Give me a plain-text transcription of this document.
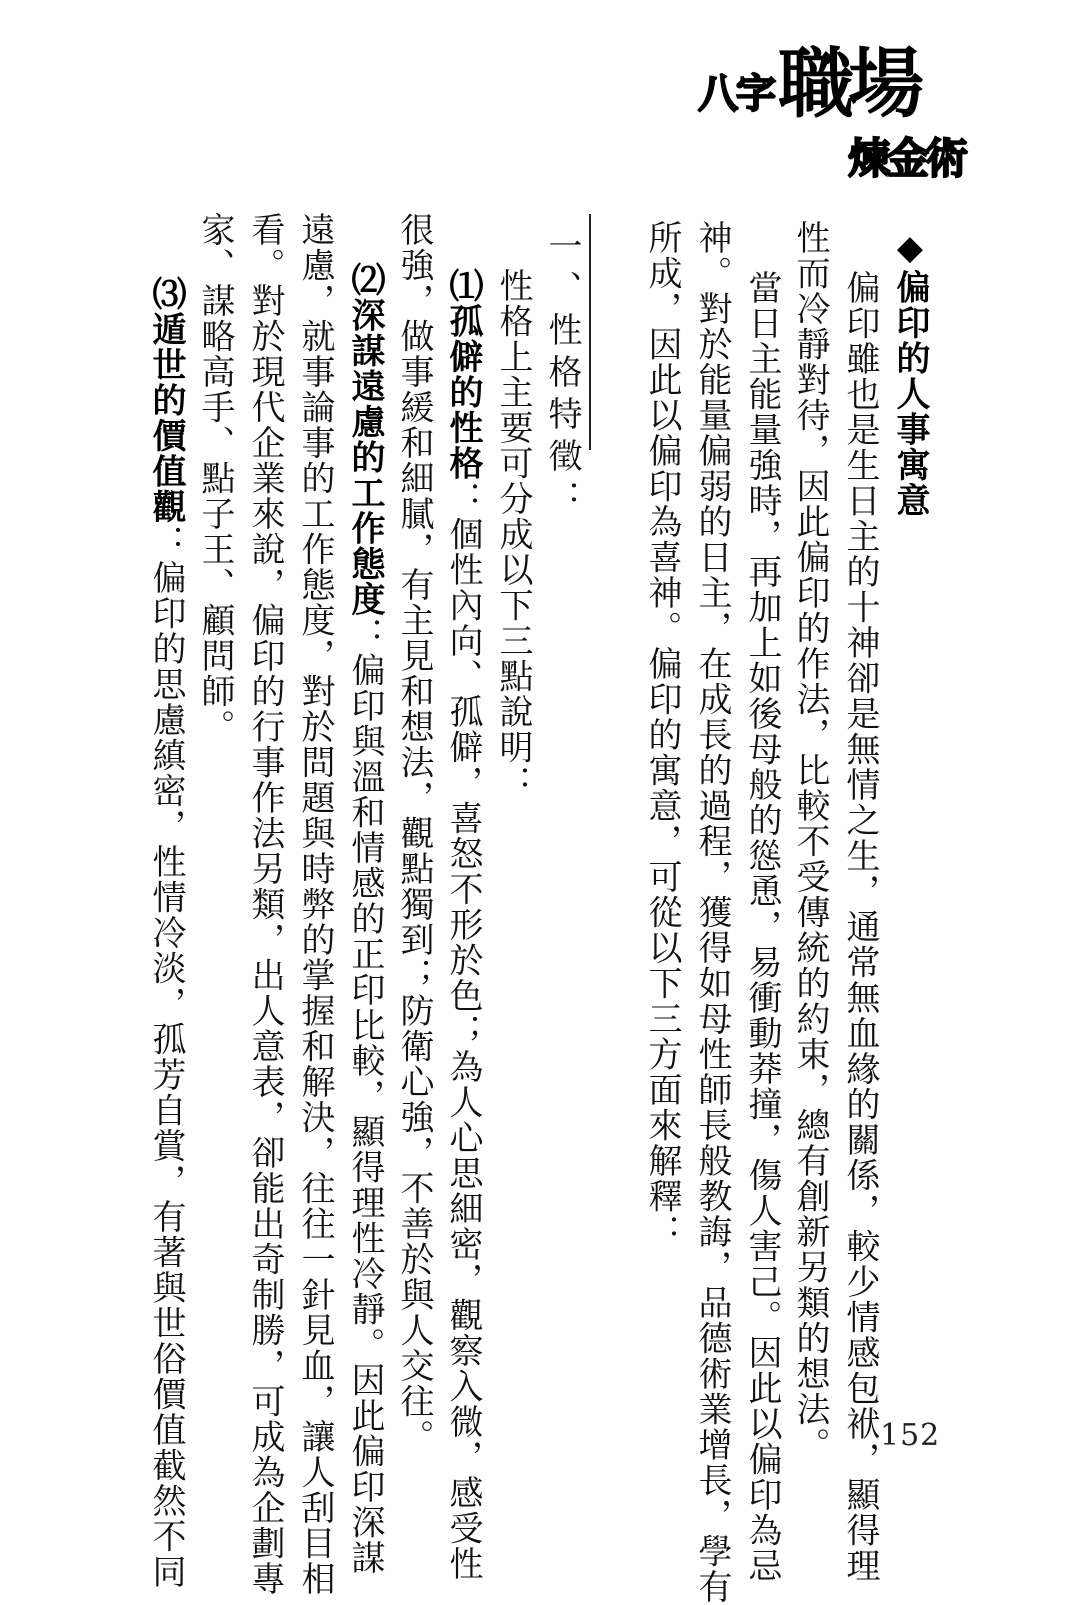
八字 職場
煉金術
◆偏印的人事寓意
偏印雖也是生日主的十神卻是無情之生，通常無血緣的關係，較少情感包袱，顯得理
性而冷靜對待，因此偏印的作法，比較不受傳統的約束，總有創新另類的想法。
當日主能量強時，再加上如後母般的慫恿，易衝動莽撞，傷人害己。因此以偏印為忌
神。對於能量偏弱的日主，在成長的過程，獲得如母性師長般教誨，品德術業增長，學有
所成，因此以偏印為喜神。偏印的寓意，可從以下三方面來解釋：
一、性格特徵：
性格上主要可分成以下三點說明：
⑴孤僻的性格：個性內向、孤僻，喜怒不形於色；為人心思細密，觀察入微，感受性
很強，做事緩和細膩，有主見和想法，觀點獨到；防衛心強，不善於與人交往。
⑵深謀遠慮的工作態度：偏印與溫和情感的正印比較，顯得理性冷靜。因此偏印深謀
遠慮，就事論事的工作態度，對於問題與時弊的掌握和解決，往往一針見血，讓人刮目相
看。對於現代企業來說，偏印的行事作法另類，出人意表，卻能出奇制勝，可成為企劃專
家、謀略高手、點子王、顧問師。
⑶遁世的價值觀：偏印的思慮縝密，性情冷淡，孤芳自賞，有著與世俗價值截然不同	152
